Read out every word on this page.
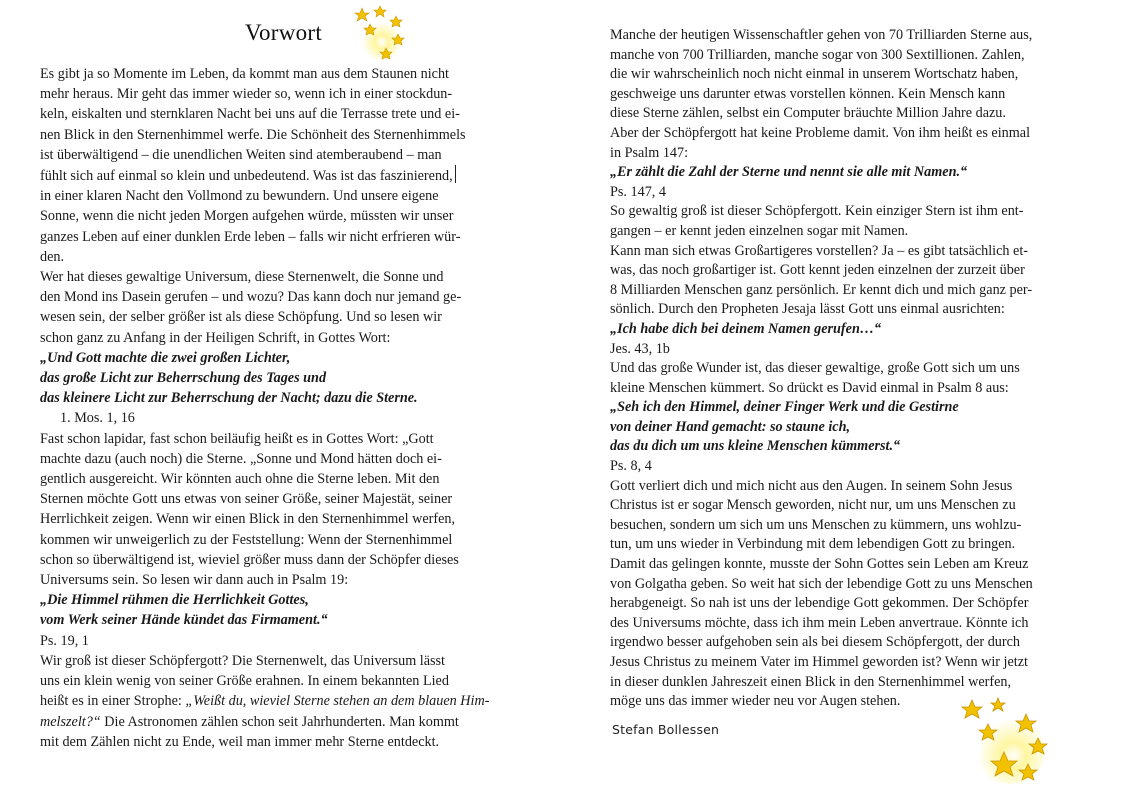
Vorwort
Es gibt ja so Momente im Leben, da kommt man aus dem Staunen nicht
mehr heraus. Mir geht das immer wieder so, wenn ich in einer stockdun-
keln, eiskalten und sternklaren Nacht bei uns auf die Terrasse trete und ei-
nen Blick in den Sternenhimmel werfe. Die Schönheit des Sternenhimmels
ist überwältigend – die unendlichen Weiten sind atemberaubend – man
fühlt sich auf einmal so klein und unbedeutend. Was ist das faszinierend,
in einer klaren Nacht den Vollmond zu bewundern. Und unsere eigene
Sonne, wenn die nicht jeden Morgen aufgehen würde, müssten wir unser
ganzes Leben auf einer dunklen Erde leben – falls wir nicht erfrieren wür-
den.
Wer hat dieses gewaltige Universum, diese Sternenwelt, die Sonne und
den Mond ins Dasein gerufen – und wozu? Das kann doch nur jemand ge-
wesen sein, der selber größer ist als diese Schöpfung. Und so lesen wir
schon ganz zu Anfang in der Heiligen Schrift, in Gottes Wort:
„Und Gott machte die zwei großen Lichter,
das große Licht zur Beherrschung des Tages und
das kleinere Licht zur Beherrschung der Nacht; dazu die Sterne.
1. Mos. 1, 16
Fast schon lapidar, fast schon beiläufig heißt es in Gottes Wort: „Gott
machte dazu (auch noch) die Sterne. „Sonne und Mond hätten doch ei-
gentlich ausgereicht. Wir könnten auch ohne die Sterne leben. Mit den
Sternen möchte Gott uns etwas von seiner Größe, seiner Majestät, seiner
Herrlichkeit zeigen. Wenn wir einen Blick in den Sternenhimmel werfen,
kommen wir unweigerlich zu der Feststellung: Wenn der Sternenhimmel
schon so überwältigend ist, wieviel größer muss dann der Schöpfer dieses
Universums sein. So lesen wir dann auch in Psalm 19:
„Die Himmel rühmen die Herrlichkeit Gottes,
vom Werk seiner Hände kündet das Firmament.“
Ps. 19, 1
Wir groß ist dieser Schöpfergott? Die Sternenwelt, das Universum lässt
uns ein klein wenig von seiner Größe erahnen. In einem bekannten Lied
heißt es in einer Strophe: „Weißt du, wieviel Sterne stehen an dem blauen Him-
melszelt?“ Die Astronomen zählen schon seit Jahrhunderten. Man kommt
mit dem Zählen nicht zu Ende, weil man immer mehr Sterne entdeckt.
Manche der heutigen Wissenschaftler gehen von 70 Trilliarden Sterne aus,
manche von 700 Trilliarden, manche sogar von 300 Sextillionen. Zahlen,
die wir wahrscheinlich noch nicht einmal in unserem Wortschatz haben,
geschweige uns darunter etwas vorstellen können. Kein Mensch kann
diese Sterne zählen, selbst ein Computer bräuchte Million Jahre dazu.
Aber der Schöpfergott hat keine Probleme damit. Von ihm heißt es einmal
in Psalm 147:
„Er zählt die Zahl der Sterne und nennt sie alle mit Namen.“
Ps. 147, 4
So gewaltig groß ist dieser Schöpfergott. Kein einziger Stern ist ihm ent-
gangen – er kennt jeden einzelnen sogar mit Namen.
Kann man sich etwas Großartigeres vorstellen? Ja – es gibt tatsächlich et-
was, das noch großartiger ist. Gott kennt jeden einzelnen der zurzeit über
8 Milliarden Menschen ganz persönlich. Er kennt dich und mich ganz per-
sönlich. Durch den Propheten Jesaja lässt Gott uns einmal ausrichten:
„Ich habe dich bei deinem Namen gerufen…“
Jes. 43, 1b
Und das große Wunder ist, das dieser gewaltige, große Gott sich um uns
kleine Menschen kümmert. So drückt es David einmal in Psalm 8 aus:
„Seh ich den Himmel, deiner Finger Werk und die Gestirne
von deiner Hand gemacht: so staune ich,
das du dich um uns kleine Menschen kümmerst.“
Ps. 8, 4
Gott verliert dich und mich nicht aus den Augen. In seinem Sohn Jesus
Christus ist er sogar Mensch geworden, nicht nur, um uns Menschen zu
besuchen, sondern um sich um uns Menschen zu kümmern, uns wohlzu-
tun, um uns wieder in Verbindung mit dem lebendigen Gott zu bringen.
Damit das gelingen konnte, musste der Sohn Gottes sein Leben am Kreuz
von Golgatha geben. So weit hat sich der lebendige Gott zu uns Menschen
herabgeneigt. So nah ist uns der lebendige Gott gekommen. Der Schöpfer
des Universums möchte, dass ich ihm mein Leben anvertraue. Könnte ich
irgendwo besser aufgehoben sein als bei diesem Schöpfergott, der durch
Jesus Christus zu meinem Vater im Himmel geworden ist? Wenn wir jetzt
in dieser dunklen Jahreszeit einen Blick in den Sternenhimmel werfen,
möge uns das immer wieder neu vor Augen stehen.
Stefan Bollessen
